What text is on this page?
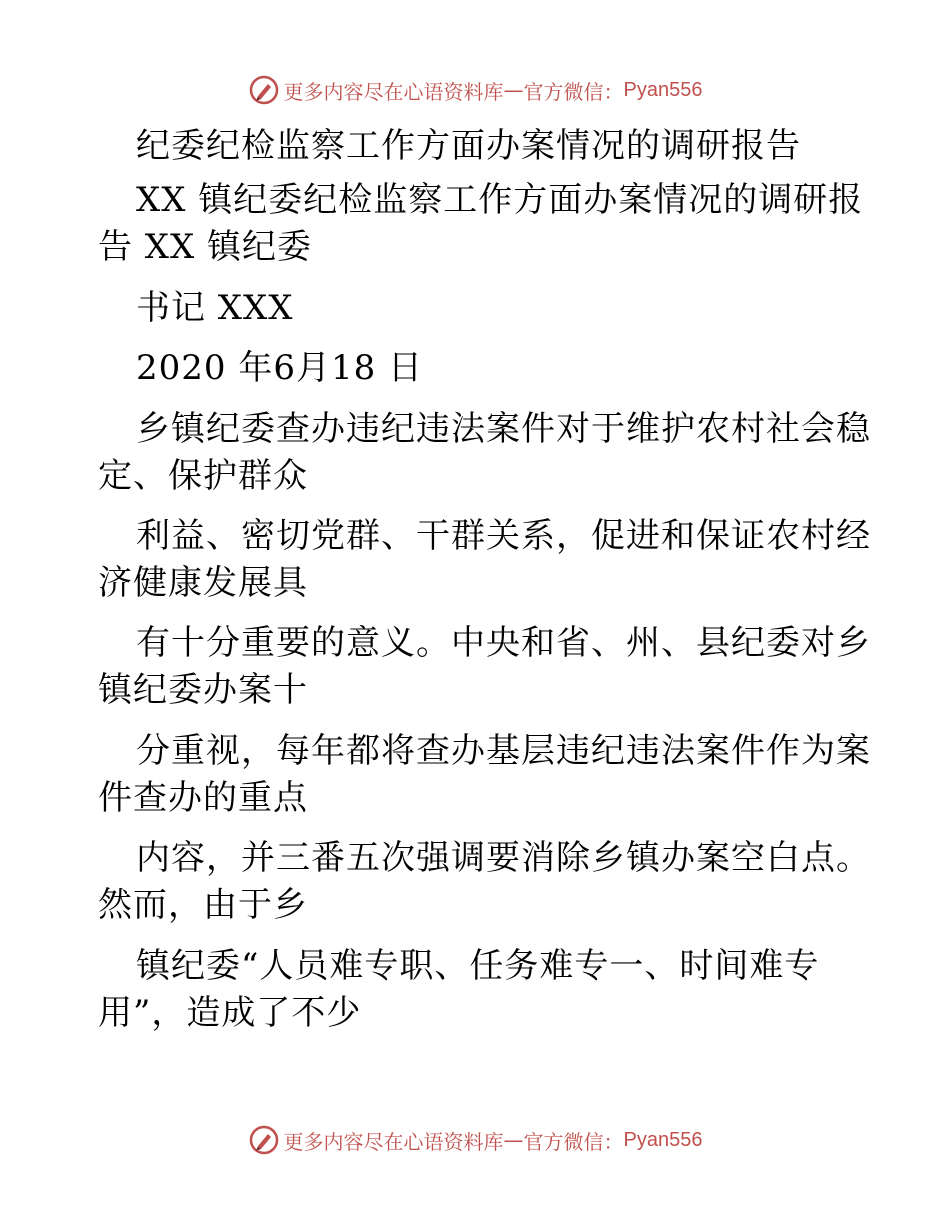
更多内容尽在心语资料库 — 官方微信： Pyan556
纪委纪检监察工作方面办案情况的调研报告
XX 镇纪委纪检监察工作方面办案情况的调研报
告 XX 镇纪委
书记 XXX
2020 年6月18 日
乡镇纪委查办违纪违法案件对于维护农村社会稳
定、保护群众
利益、密切党群、干群关系，促进和保证农村经
济健康发展具
有十分重要的意义。中央和省、州、县纪委对乡
镇纪委办案十
分重视，每年都将查办基层违纪违法案件作为案
件查办的重点
内容，并三番五次强调要消除乡镇办案空白点。
然而，由于乡
镇纪委“人员难专职、任务难专一、时间难专
用”，造成了不少
更多内容尽在心语资料库 — 官方微信： Pyan556
